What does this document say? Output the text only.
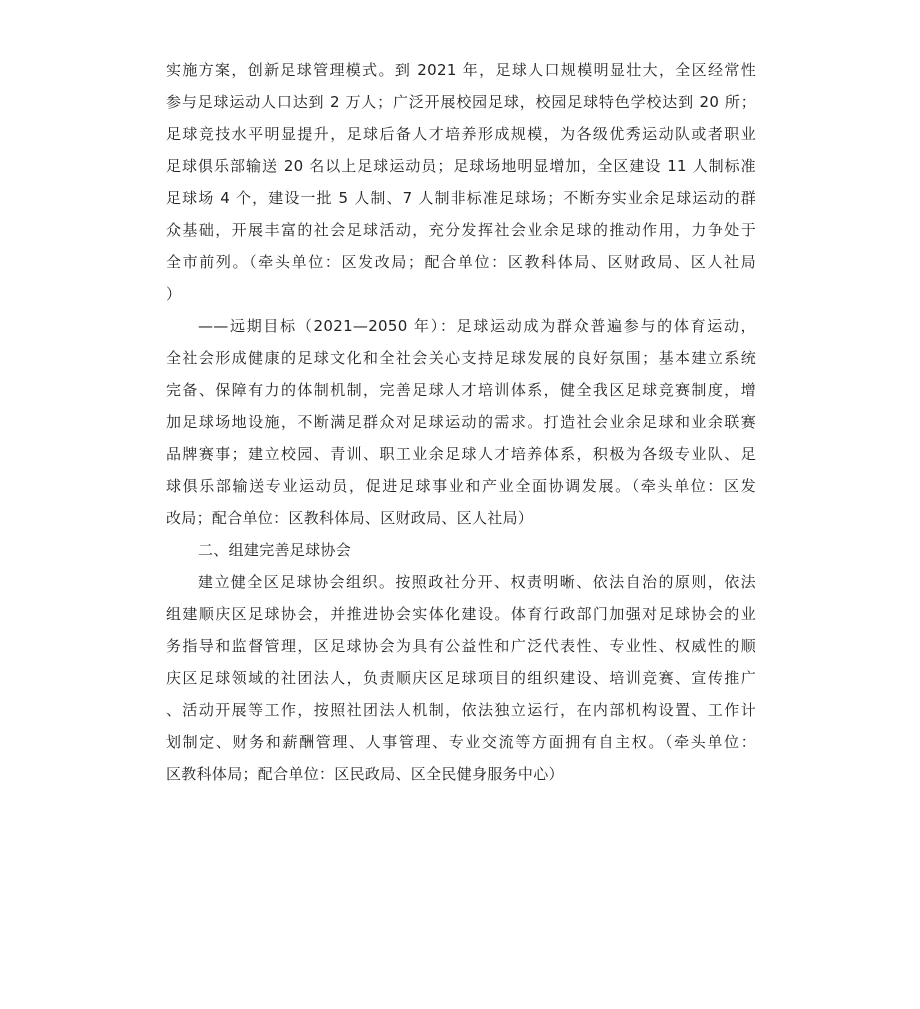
实施方案，创新足球管理模式。到 2021 年，足球人口规模明显壮大，全区经常性
参与足球运动人口达到 2 万人；广泛开展校园足球，校园足球特色学校达到 20 所；
足球竞技水平明显提升，足球后备人才培养形成规模，为各级优秀运动队或者职业
足球俱乐部输送 20 名以上足球运动员；足球场地明显增加，全区建设 11 人制标准
足球场 4 个，建设一批 5 人制、7 人制非标准足球场；不断夯实业余足球运动的群
众基础，开展丰富的社会足球活动，充分发挥社会业余足球的推动作用，力争处于
全市前列。（牵头单位：区发改局；配合单位：区教科体局、区财政局、区人社局
）
——远期目标（2021—2050 年）：足球运动成为群众普遍参与的体育运动，
全社会形成健康的足球文化和全社会关心支持足球发展的良好氛围；基本建立系统
完备、保障有力的体制机制，完善足球人才培训体系，健全我区足球竞赛制度，增
加足球场地设施，不断满足群众对足球运动的需求。打造社会业余足球和业余联赛
品牌赛事；建立校园、青训、职工业余足球人才培养体系，积极为各级专业队、足
球俱乐部输送专业运动员，促进足球事业和产业全面协调发展。（牵头单位：区发
改局；配合单位：区教科体局、区财政局、区人社局）
二、组建完善足球协会
建立健全区足球协会组织。按照政社分开、权责明晰、依法自治的原则，依法
组建顺庆区足球协会，并推进协会实体化建设。体育行政部门加强对足球协会的业
务指导和监督管理，区足球协会为具有公益性和广泛代表性、专业性、权威性的顺
庆区足球领域的社团法人，负责顺庆区足球项目的组织建设、培训竞赛、宣传推广
、活动开展等工作，按照社团法人机制，依法独立运行，在内部机构设置、工作计
划制定、财务和薪酬管理、人事管理、专业交流等方面拥有自主权。（牵头单位：
区教科体局；配合单位：区民政局、区全民健身服务中心）
